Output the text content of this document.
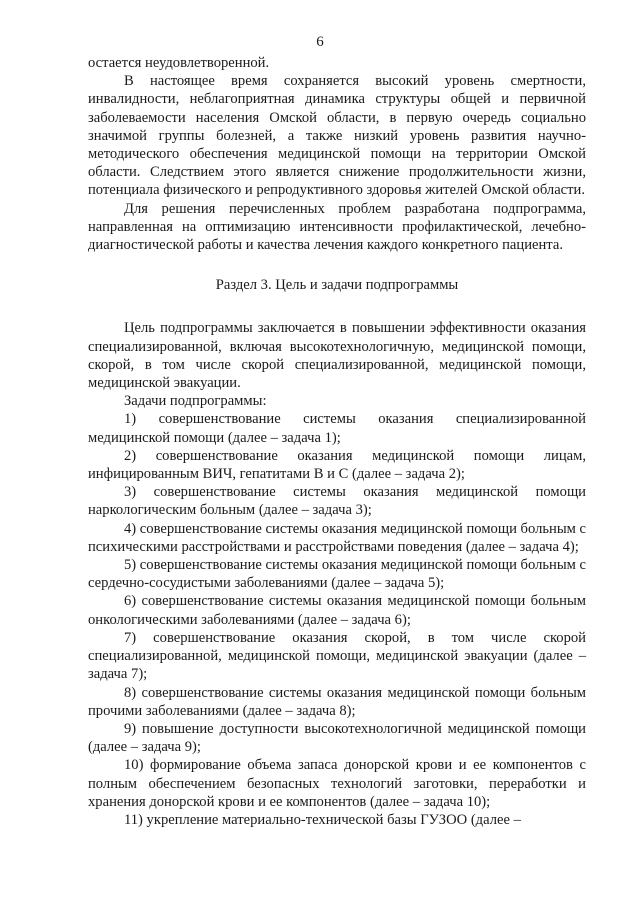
6

остается неудовлетворенной.

В настоящее время сохраняется высокий уровень смертности, инвалидности, неблагоприятная динамика структуры общей и первичной заболеваемости населения Омской области, в первую очередь социально значимой группы болезней, а также низкий уровень развития научно-методического обеспечения медицинской помощи на территории Омской области. Следствием этого является снижение продолжительности жизни, потенциала физического и репродуктивного здоровья жителей Омской области.

Для решения перечисленных проблем разработана подпрограмма, направленная на оптимизацию интенсивности профилактической, лечебно-диагностической работы и качества лечения каждого конкретного пациента.

Раздел 3. Цель и задачи подпрограммы

Цель подпрограммы заключается в повышении эффективности оказания специализированной, включая высокотехнологичную, медицинской помощи, скорой, в том числе скорой специализированной, медицинской помощи, медицинской эвакуации.

Задачи подпрограммы:

1) совершенствование системы оказания специализированной медицинской помощи (далее – задача 1);

2) совершенствование оказания медицинской помощи лицам, инфицированным ВИЧ, гепатитами В и С (далее – задача 2);

3) совершенствование системы оказания медицинской помощи наркологическим больным (далее – задача 3);

4) совершенствование системы оказания медицинской помощи больным с психическими расстройствами и расстройствами поведения (далее – задача 4);

5) совершенствование системы оказания медицинской помощи больным с сердечно-сосудистыми заболеваниями (далее – задача 5);

6) совершенствование системы оказания медицинской помощи больным онкологическими заболеваниями (далее – задача 6);

7) совершенствование оказания скорой, в том числе скорой специализированной, медицинской помощи, медицинской эвакуации (далее – задача 7);

8) совершенствование системы оказания медицинской помощи больным прочими заболеваниями (далее – задача 8);

9) повышение доступности высокотехнологичной медицинской помощи (далее – задача 9);

10) формирование объема запаса донорской крови и ее компонентов с полным обеспечением безопасных технологий заготовки, переработки и хранения донорской крови и ее компонентов (далее – задача 10);

11) укрепление материально-технической базы ГУЗОО (далее –
